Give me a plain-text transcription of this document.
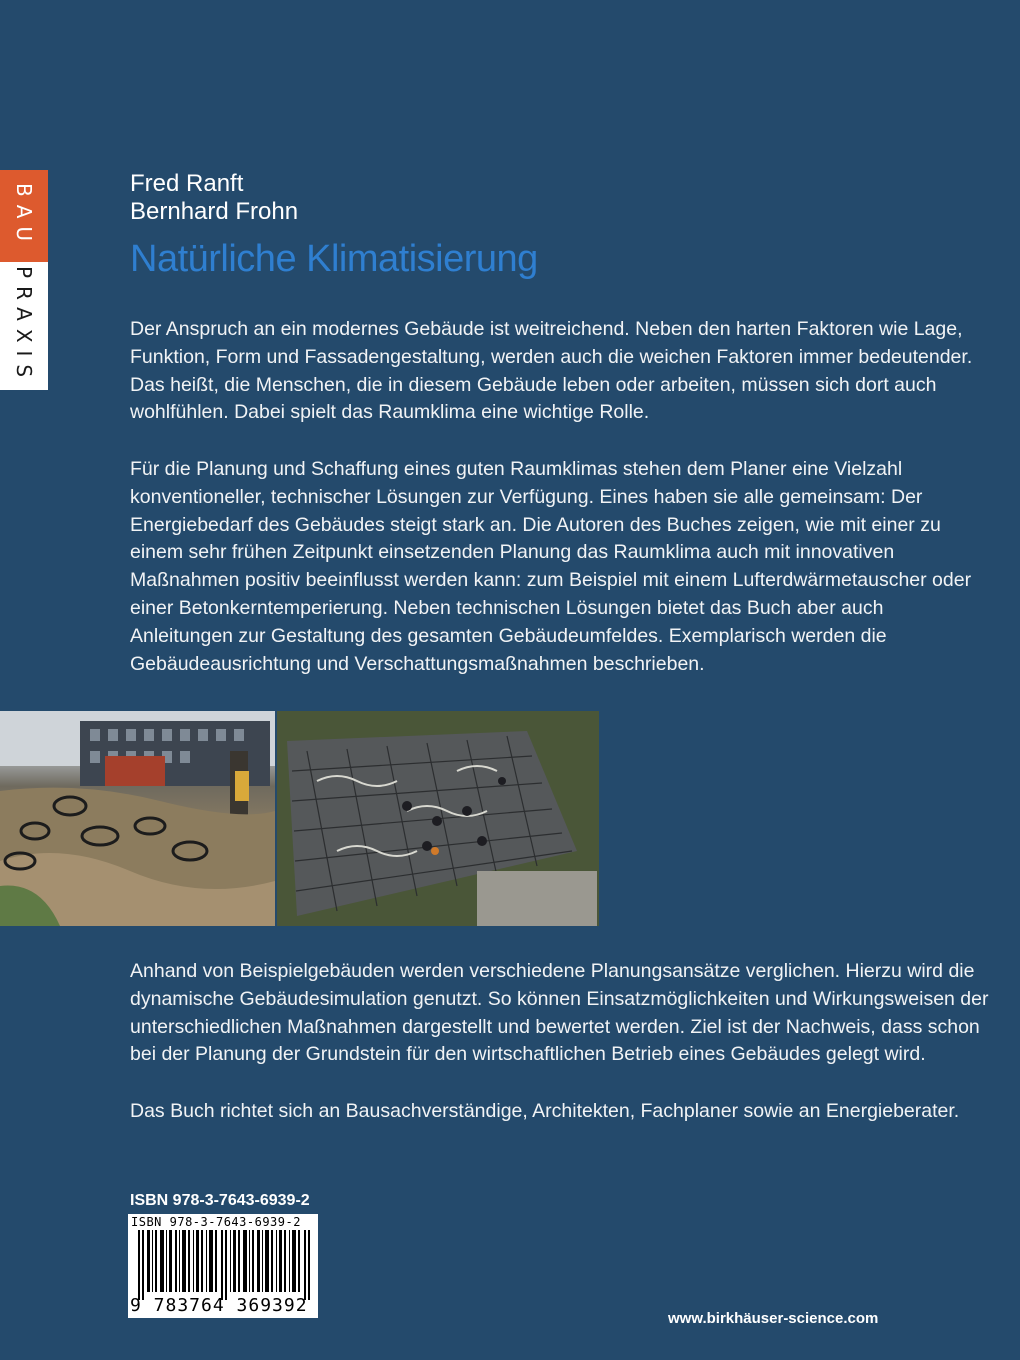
BAU
PRAXIS
Fred Ranft
Bernhard Frohn
Natürliche Klimatisierung
Der Anspruch an ein modernes Gebäude ist weitreichend. Neben den harten Faktoren wie Lage, Funktion, Form und Fassadengestaltung, werden auch die weichen Faktoren immer bedeutender. Das heißt, die Menschen, die in diesem Gebäude leben oder arbeiten, müssen sich dort auch wohlfühlen. Dabei spielt das Raumklima eine wichtige Rolle.
Für die Planung und Schaffung eines guten Raumklimas stehen dem Planer eine Vielzahl konventioneller, technischer Lösungen zur Verfügung. Eines haben sie alle gemeinsam: Der Energiebedarf des Gebäudes steigt stark an. Die Autoren des Buches zeigen, wie mit einer zu einem sehr frühen Zeitpunkt einsetzenden Planung das Raumklima auch mit innovativen Maßnahmen positiv beeinflusst werden kann: zum Beispiel mit einem Lufterdwärmetauscher oder einer Betonkerntemperierung. Neben technischen Lösungen bietet das Buch aber auch Anleitungen zur Gestaltung des gesamten Gebäudeumfeldes. Exemplarisch werden die Gebäudeausrichtung und Verschattungsmaßnahmen beschrieben.
Anhand von Beispielgebäuden werden verschiedene Planungsansätze verglichen. Hierzu wird die dynamische Gebäudesimulation genutzt. So können Einsatzmöglichkeiten und Wirkungsweisen der unterschiedlichen Maßnahmen dargestellt und bewertet werden. Ziel ist der Nachweis, dass schon bei der Planung der Grundstein für den wirtschaftlichen Betrieb eines Gebäudes gelegt wird.
Das Buch richtet sich an Bausachverständige, Architekten, Fachplaner sowie an Energieberater.
ISBN 978-3-7643-6939-2
ISBN 978-3-7643-6939-2
9 783764 369392
www.birkhäuser-science.com
